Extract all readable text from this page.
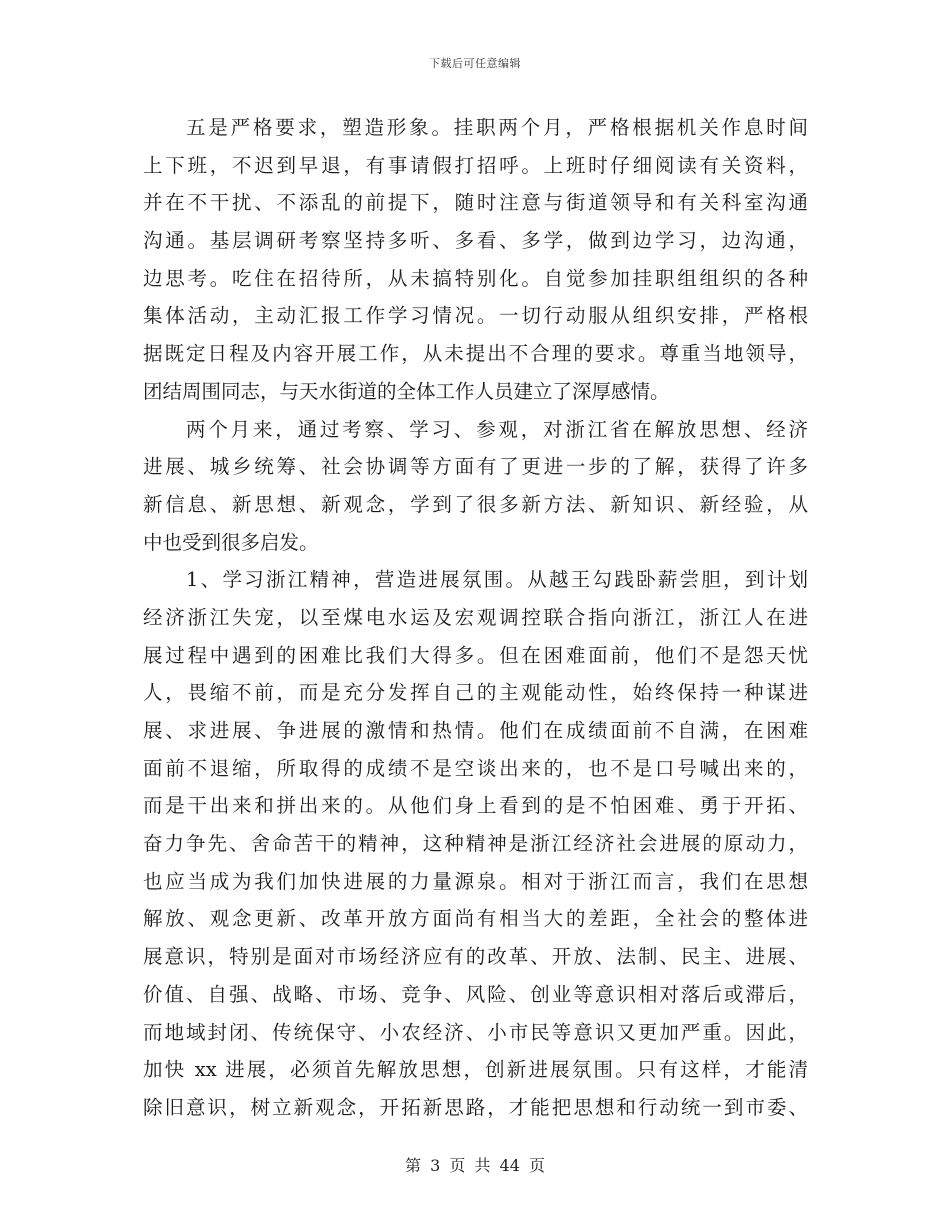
下载后可任意编辑
五是严格要求，塑造形象。挂职两个月，严格根据机关作息时间
上下班，不迟到早退，有事请假打招呼。上班时仔细阅读有关资料，
并在不干扰、不添乱的前提下，随时注意与街道领导和有关科室沟通
沟通。基层调研考察坚持多听、多看、多学，做到边学习，边沟通，
边思考。吃住在招待所，从未搞特别化。自觉参加挂职组组织的各种
集体活动，主动汇报工作学习情况。一切行动服从组织安排，严格根
据既定日程及内容开展工作，从未提出不合理的要求。尊重当地领导，
团结周围同志，与天水街道的全体工作人员建立了深厚感情。
两个月来，通过考察、学习、参观，对浙江省在解放思想、经济
进展、城乡统筹、社会协调等方面有了更进一步的了解，获得了许多
新信息、新思想、新观念，学到了很多新方法、新知识、新经验，从
中也受到很多启发。
1、学习浙江精神，营造进展氛围。从越王勾践卧薪尝胆，到计划
经济浙江失宠，以至煤电水运及宏观调控联合指向浙江，浙江人在进
展过程中遇到的困难比我们大得多。但在困难面前，他们不是怨天忧
人，畏缩不前，而是充分发挥自己的主观能动性，始终保持一种谋进
展、求进展、争进展的激情和热情。他们在成绩面前不自满，在困难
面前不退缩，所取得的成绩不是空谈出来的，也不是口号喊出来的，
而是干出来和拼出来的。从他们身上看到的是不怕困难、勇于开拓、
奋力争先、舍命苦干的精神，这种精神是浙江经济社会进展的原动力，
也应当成为我们加快进展的力量源泉。相对于浙江而言，我们在思想
解放、观念更新、改革开放方面尚有相当大的差距，全社会的整体进
展意识，特别是面对市场经济应有的改革、开放、法制、民主、进展、
价值、自强、战略、市场、竞争、风险、创业等意识相对落后或滞后，
而地域封闭、传统保守、小农经济、小市民等意识又更加严重。因此，
加快 xx 进展，必须首先解放思想，创新进展氛围。只有这样，才能清
除旧意识，树立新观念，开拓新思路，才能把思想和行动统一到市委、
第 3 页 共 44 页
